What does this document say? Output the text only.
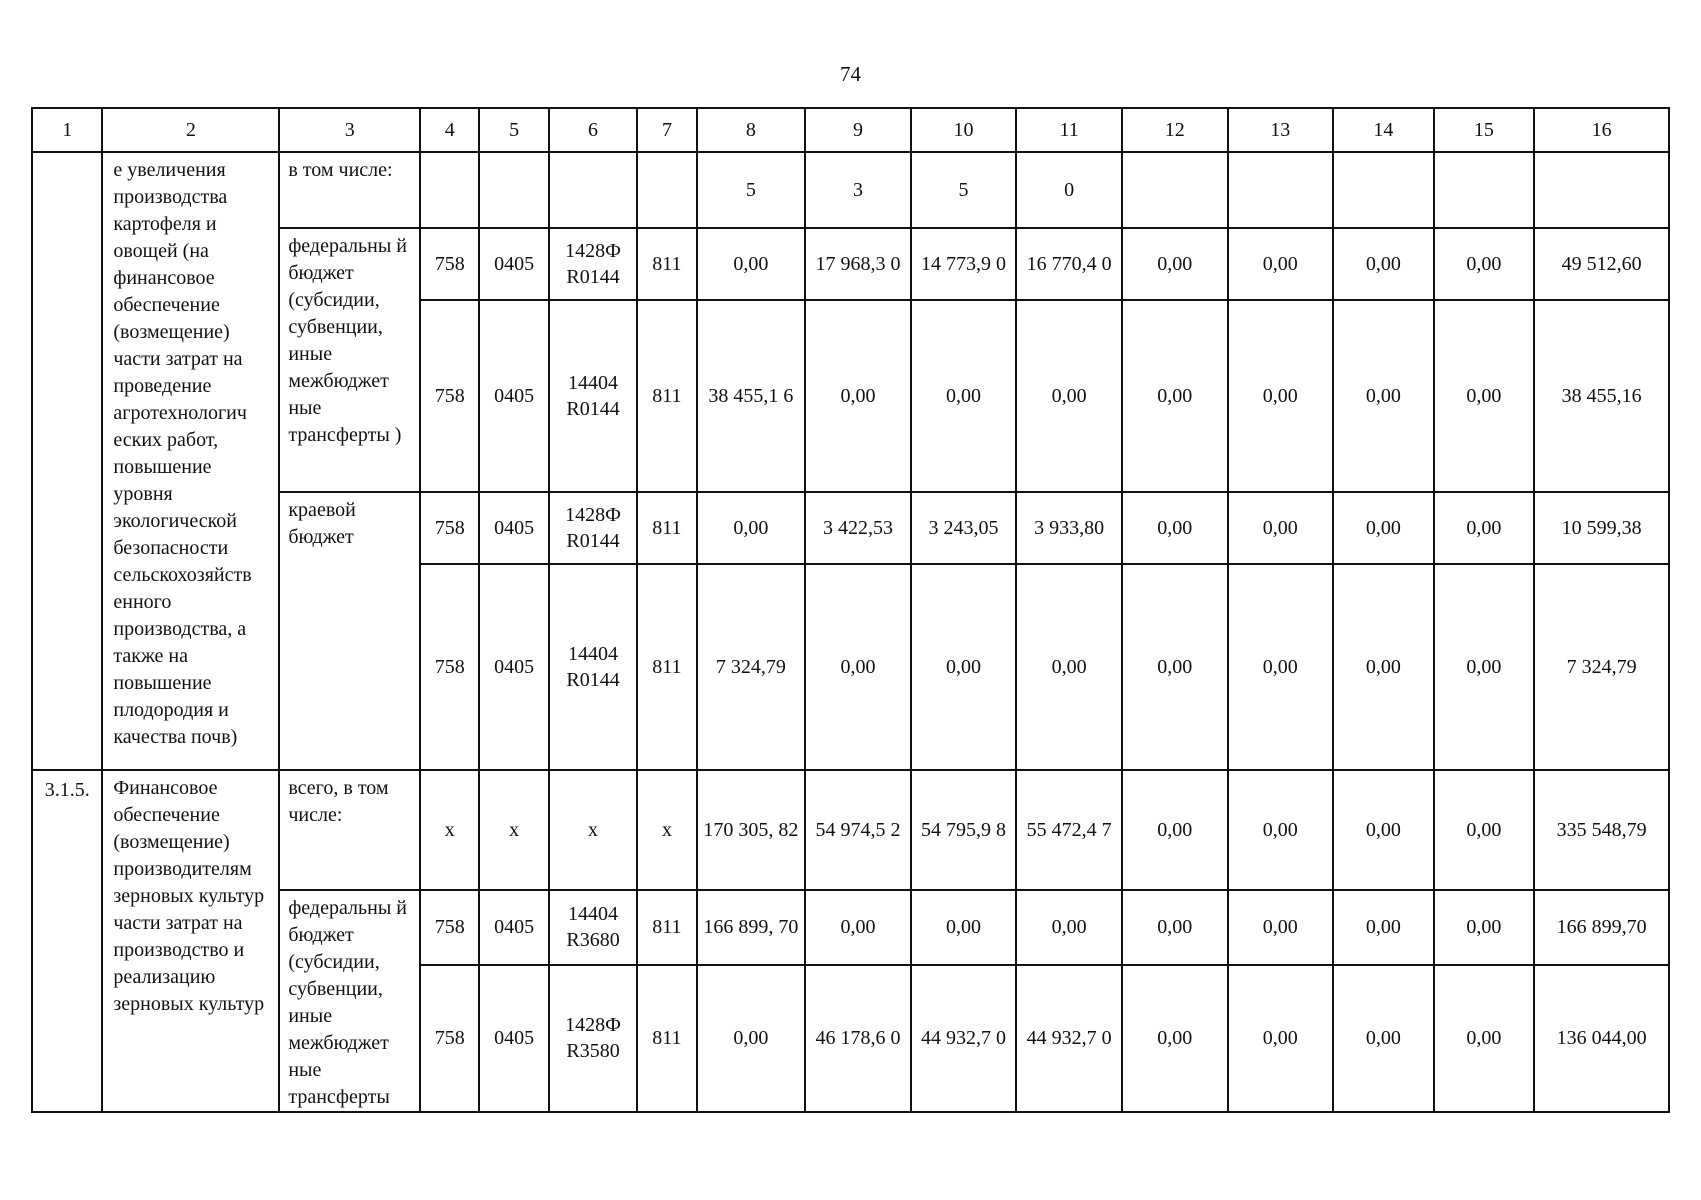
74
1	2	3	4	5	6	7	8	9	10	11	12	13	14	15	16
	е увеличения производства картофеля и овощей (на финансовое обеспечение (возмещение) части затрат на проведение агротехнологич еских работ, повышение уровня экологической безопасности сельскохозяйств енного производства, а также на повышение плодородия и качества почв)	в том числе:					5	3	5	0					
		федеральны й бюджет (субсидии, субвенции, иные межбюджет ные трансферты )	758	0405	1428Ф R0144	811	0,00	17 968,3 0	14 773,9 0	16 770,4 0	0,00	0,00	0,00	0,00	49 512,60
			758	0405	14404 R0144	811	38 455,1 6	0,00	0,00	0,00	0,00	0,00	0,00	0,00	38 455,16
		краевой бюджет	758	0405	1428Ф R0144	811	0,00	3 422,53	3 243,05	3 933,80	0,00	0,00	0,00	0,00	10 599,38
			758	0405	14404 R0144	811	7 324,79	0,00	0,00	0,00	0,00	0,00	0,00	0,00	7 324,79
3.1.5.	Финансовое обеспечение (возмещение) производителям зерновых культур части затрат на производство и реализацию зерновых культур	всего, в том числе:	x	x	x	x	170 305, 82	54 974,5 2	54 795,9 8	55 472,4 7	0,00	0,00	0,00	0,00	335 548,79
		федеральны й бюджет (субсидии, субвенции, иные межбюджет ные трансферты	758	0405	14404 R3680	811	166 899, 70	0,00	0,00	0,00	0,00	0,00	0,00	0,00	166 899,70
			758	0405	1428Ф R3580	811	0,00	46 178,6 0	44 932,7 0	44 932,7 0	0,00	0,00	0,00	0,00	136 044,00
